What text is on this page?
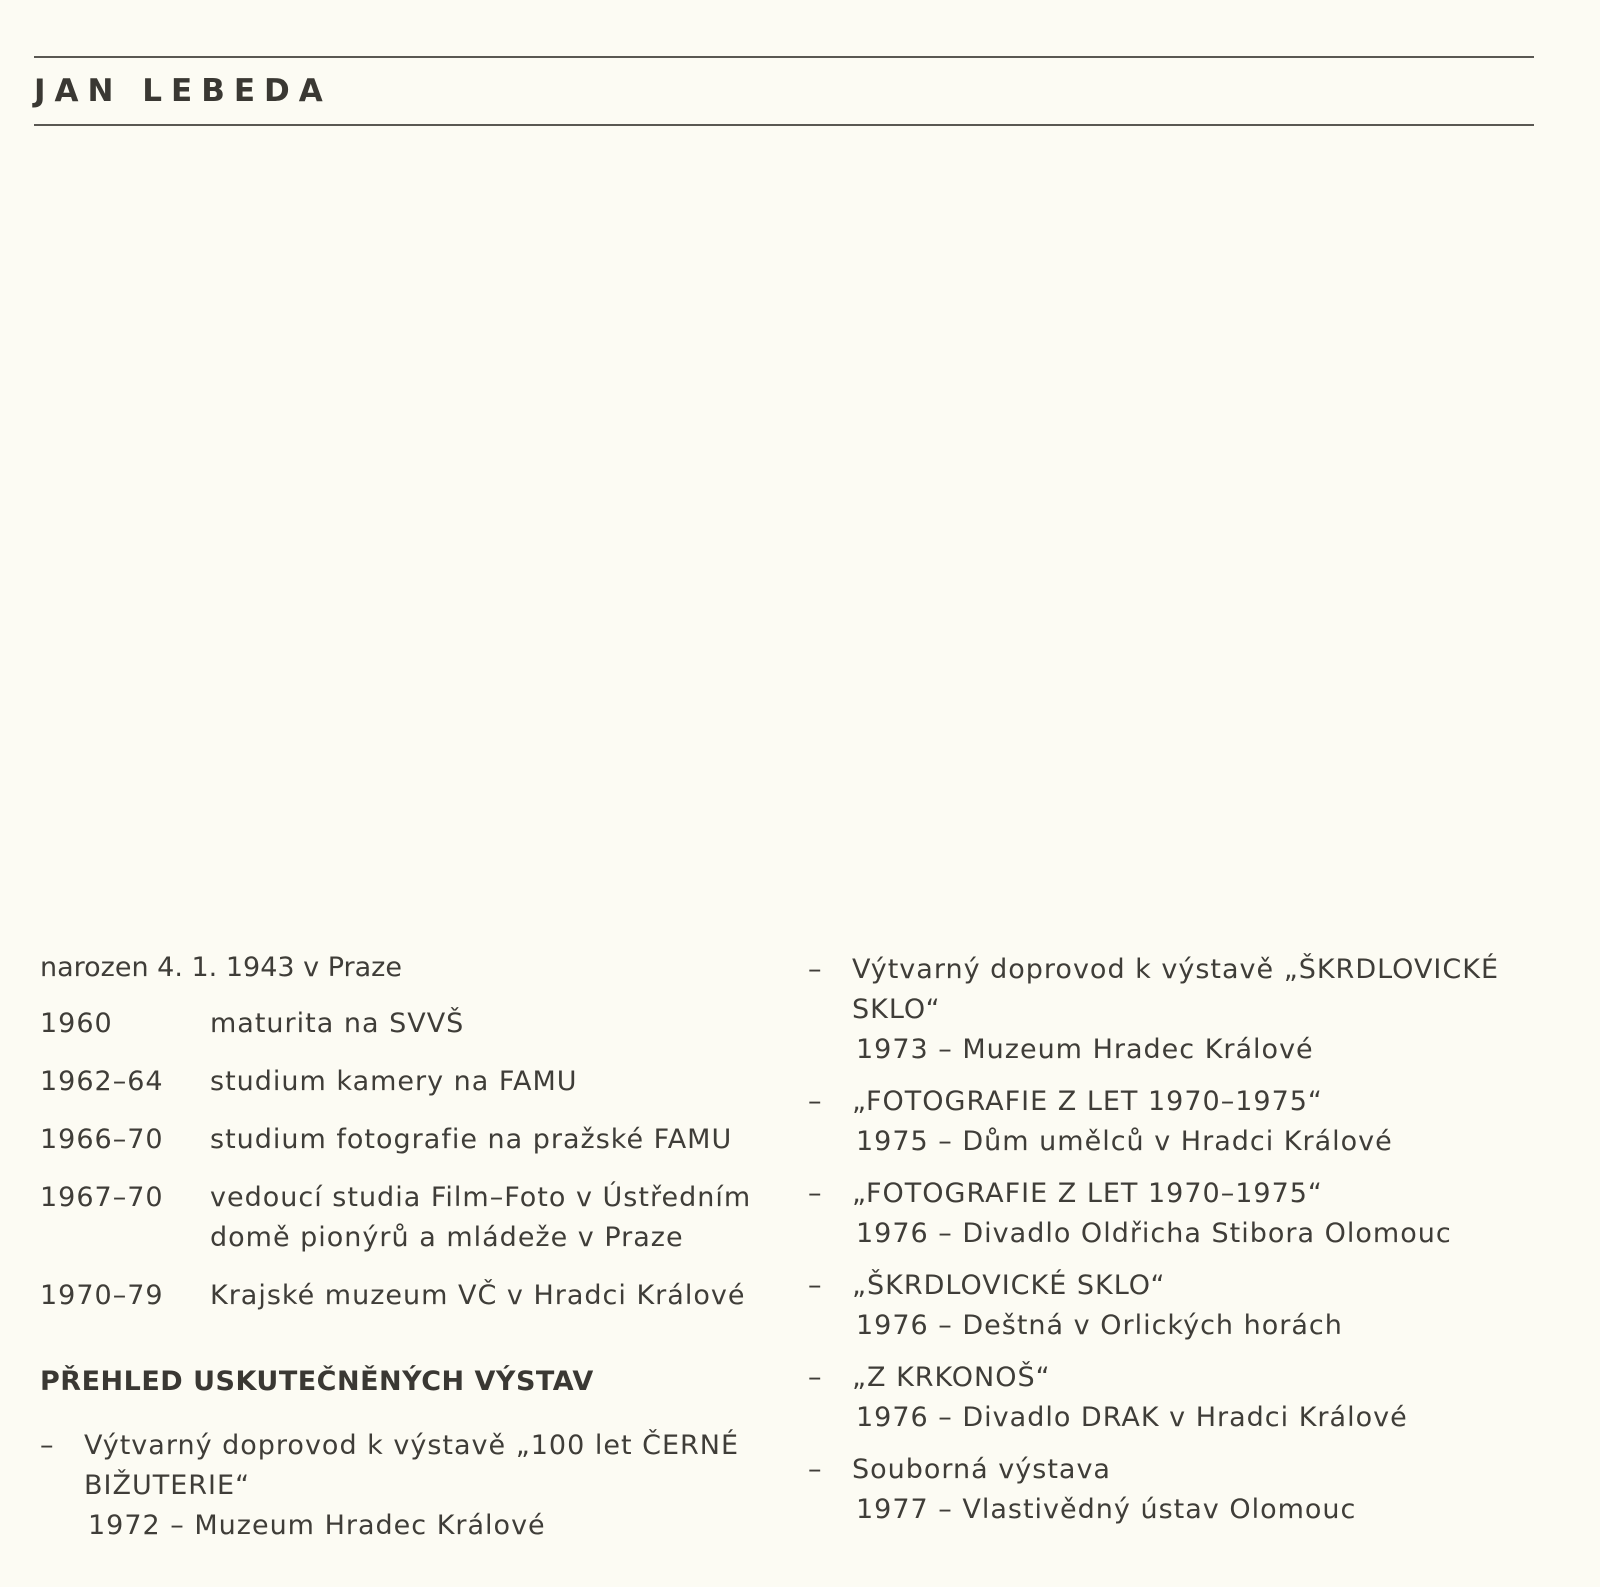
JAN LEBEDA

narozen 4. 1. 1943 v Praze

1960	maturita na SVVŠ
1962–64	studium kamery na FAMU
1966–70	studium fotografie na pražské FAMU
1967–70	vedoucí studia Film–Foto v Ústředním domě pionýrů a mládeže v Praze
1970–79	Krajské muzeum VČ v Hradci Králové
PŘEHLED USKUTEČNĚNÝCH VÝSTAV
–	Výtvarný doprovod k výstavě „100 let ČERNÉ BIŽUTERIE“
1972 – Muzeum Hradec Králové
–	Výtvarný doprovod k výstavě „ŠKRDLOVICKÉ SKLO“
1973 – Muzeum Hradec Králové
–	„FOTOGRAFIE Z LET 1970–1975“
1975 – Dům umělců v Hradci Králové
–	„FOTOGRAFIE Z LET 1970–1975“
1976 – Divadlo Oldřicha Stibora Olomouc
–	„ŠKRDLOVICKÉ SKLO“
1976 – Deštná v Orlických horách
–	„Z KRKONOŠ“
1976 – Divadlo DRAK v Hradci Králové
–	Souborná výstava
1977 – Vlastivědný ústav Olomouc
